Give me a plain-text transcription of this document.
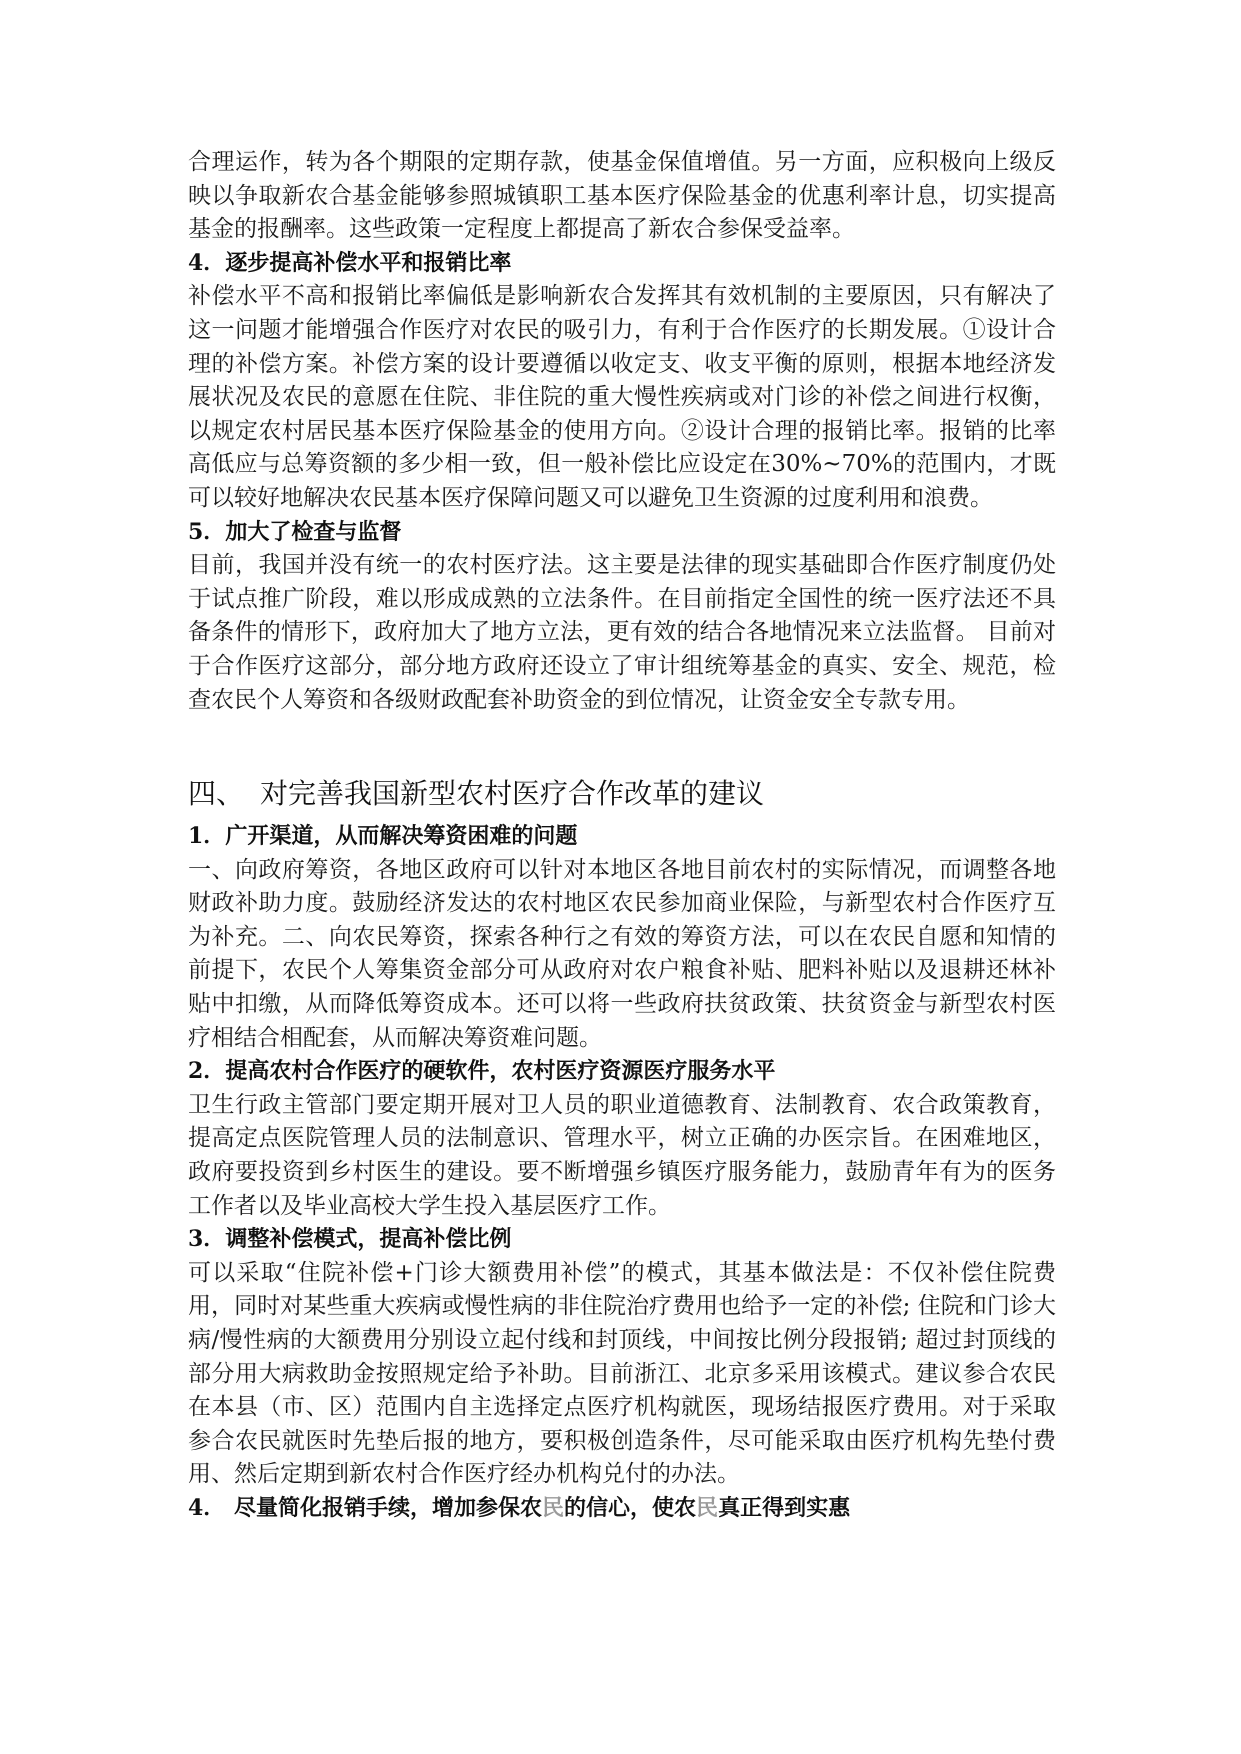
合理运作，转为各个期限的定期存款，使基金保值增值。另一方面，应积极向上级反映以争取新农合基金能够参照城镇职工基本医疗保险基金的优惠利率计息，切实提高基金的报酬率。这些政策一定程度上都提高了新农合参保受益率。

4．逐步提高补偿水平和报销比率

补偿水平不高和报销比率偏低是影响新农合发挥其有效机制的主要原因，只有解决了这一问题才能增强合作医疗对农民的吸引力，有利于合作医疗的长期发展。①设计合理的补偿方案。补偿方案的设计要遵循以收定支、收支平衡的原则，根据本地经济发展状况及农民的意愿在住院、非住院的重大慢性疾病或对门诊的补偿之间进行权衡，以规定农村居民基本医疗保险基金的使用方向。②设计合理的报销比率。报销的比率高低应与总筹资额的多少相一致，但一般补偿比应设定在30%~70%的范围内，才既可以较好地解决农民基本医疗保障问题又可以避免卫生资源的过度利用和浪费。

5．加大了检查与监督

目前，我国并没有统一的农村医疗法。这主要是法律的现实基础即合作医疗制度仍处于试点推广阶段，难以形成成熟的立法条件。在目前指定全国性的统一医疗法还不具备条件的情形下，政府加大了地方立法，更有效的结合各地情况来立法监督。 目前对于合作医疗这部分，部分地方政府还设立了审计组统筹基金的真实、安全、规范，检查农民个人筹资和各级财政配套补助资金的到位情况，让资金安全专款专用。

四、 对完善我国新型农村医疗合作改革的建议
1．广开渠道，从而解决筹资困难的问题

一、向政府筹资，各地区政府可以针对本地区各地目前农村的实际情况，而调整各地财政补助力度。鼓励经济发达的农村地区农民参加商业保险，与新型农村合作医疗互为补充。二、向农民筹资，探索各种行之有效的筹资方法，可以在农民自愿和知情的前提下，农民个人筹集资金部分可从政府对农户粮食补贴、肥料补贴以及退耕还林补贴中扣缴，从而降低筹资成本。还可以将一些政府扶贫政策、扶贫资金与新型农村医疗相结合相配套，从而解决筹资难问题。

2．提高农村合作医疗的硬软件，农村医疗资源医疗服务水平

卫生行政主管部门要定期开展对卫人员的职业道德教育、法制教育、农合政策教育，提高定点医院管理人员的法制意识、管理水平，树立正确的办医宗旨。在困难地区，政府要投资到乡村医生的建设。要不断增强乡镇医疗服务能力，鼓励青年有为的医务工作者以及毕业高校大学生投入基层医疗工作。

3．调整补偿模式，提高补偿比例

可以采取“住院补偿+门诊大额费用补偿”的模式，其基本做法是：不仅补偿住院费用，同时对某些重大疾病或慢性病的非住院治疗费用也给予一定的补偿; 住院和门诊大病/慢性病的大额费用分别设立起付线和封顶线，中间按比例分段报销; 超过封顶线的部分用大病救助金按照规定给予补助。目前浙江、北京多采用该模式。建议参合农民在本县（市、区）范围内自主选择定点医疗机构就医，现场结报医疗费用。对于采取参合农民就医时先垫后报的地方，要积极创造条件，尽可能采取由医疗机构先垫付费用、然后定期到新农村合作医疗经办机构兑付的办法。

4． 尽量简化报销手续，增加参保农民的信心，使农民真正得到实惠
